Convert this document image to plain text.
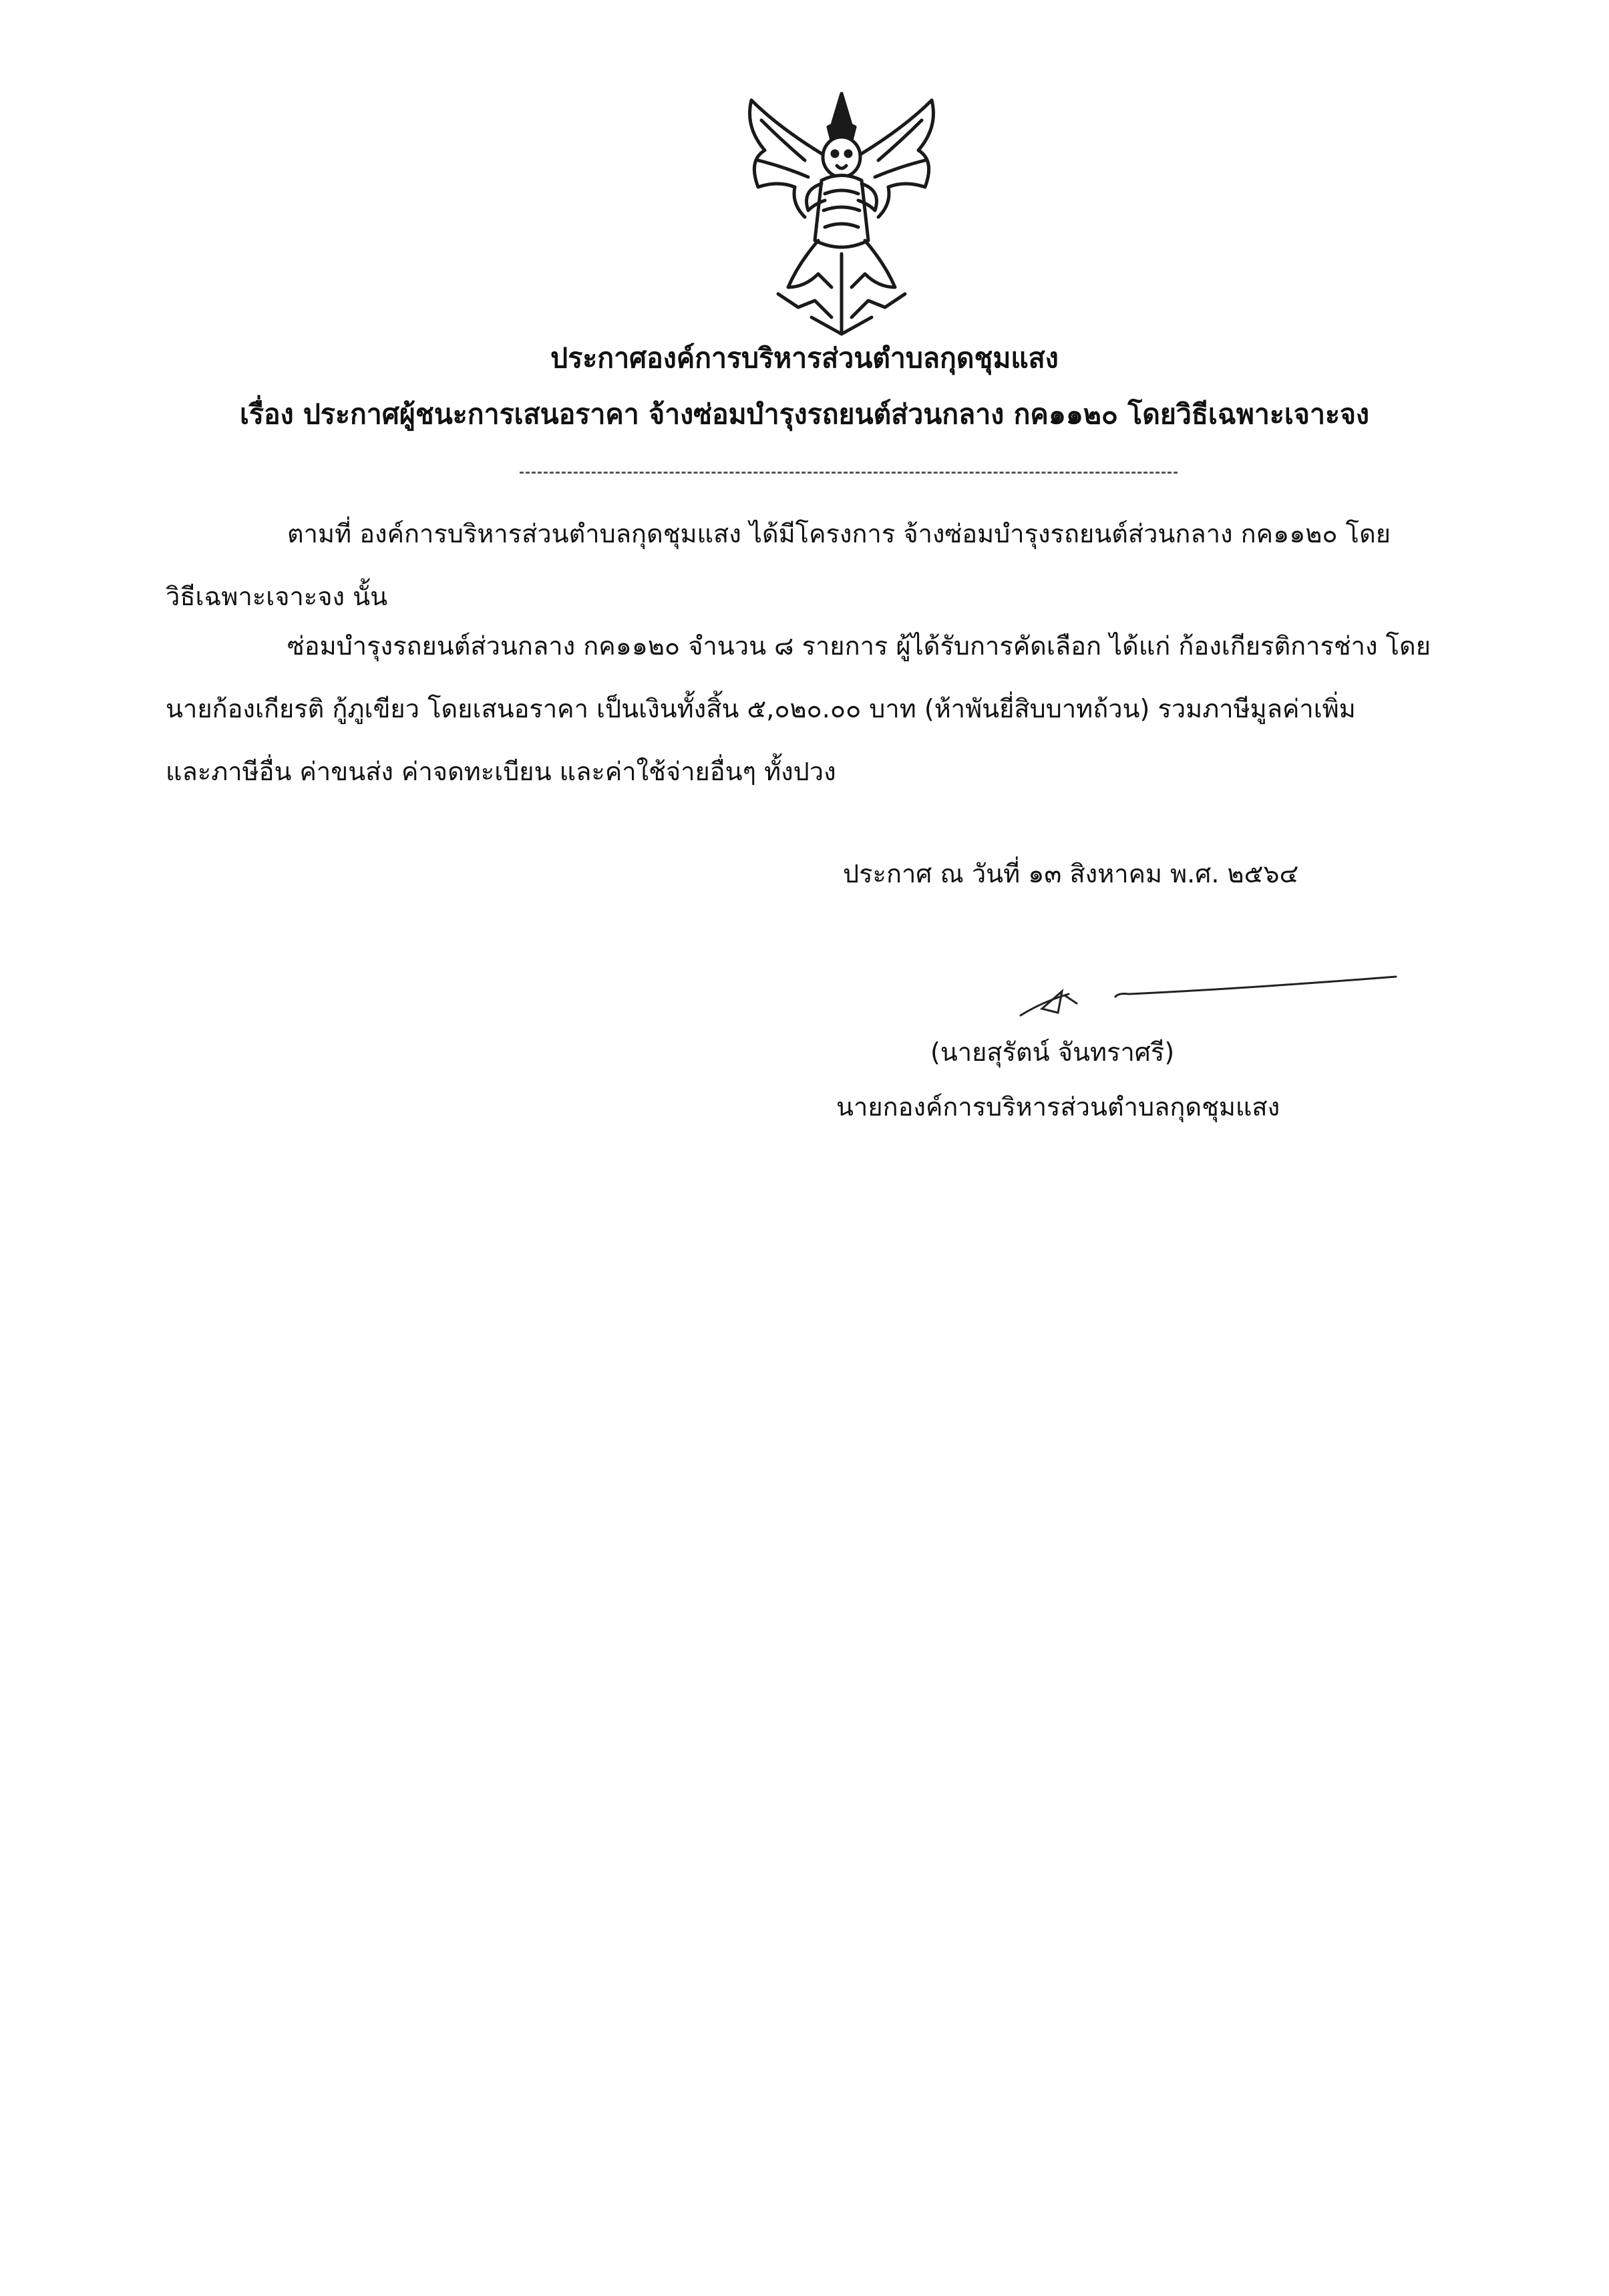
ประกาศองค์การบริหารส่วนตำบลกุดชุมแสง
เรื่อง ประกาศผู้ชนะการเสนอราคา จ้างซ่อมบำรุงรถยนต์ส่วนกลาง กค๑๑๒๐ โดยวิธีเฉพาะเจาะจง
ตามที่ องค์การบริหารส่วนตำบลกุดชุมแสง ได้มีโครงการ จ้างซ่อมบำรุงรถยนต์ส่วนกลาง กค๑๑๒๐ โดย
วิธีเฉพาะเจาะจง นั้น
ซ่อมบำรุงรถยนต์ส่วนกลาง กค๑๑๒๐ จำนวน ๘ รายการ ผู้ได้รับการคัดเลือก ได้แก่ ก้องเกียรติการช่าง โดย
นายก้องเกียรติ กู้ภูเขียว โดยเสนอราคา เป็นเงินทั้งสิ้น ๕,๐๒๐.๐๐ บาท (ห้าพันยี่สิบบาทถ้วน) รวมภาษีมูลค่าเพิ่ม
และภาษีอื่น ค่าขนส่ง ค่าจดทะเบียน และค่าใช้จ่ายอื่นๆ ทั้งปวง
ประกาศ ณ วันที่ ๑๓ สิงหาคม พ.ศ. ๒๕๖๔
(นายสุรัตน์ จันทราศรี)
นายกองค์การบริหารส่วนตำบลกุดชุมแสง
